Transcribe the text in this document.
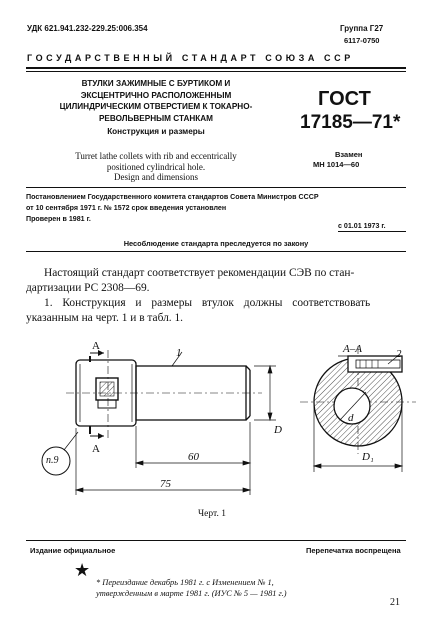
УДК 621.941.232-229.25:006.354	Группа Г27
6117-0750
ГОСУДАРСТВЕННЫЙ СТАНДАРТ СОЮЗА ССР
ВТУЛКИ ЗАЖИМНЫЕ С БУРТИКОМ И
ЭКСЦЕНТРИЧНО РАСПОЛОЖЕННЫМ
ЦИЛИНДРИЧЕСКИМ ОТВЕРСТИЕМ К ТОКАРНО-
РЕВОЛЬВЕРНЫМ СТАНКАМ
Конструкция и размеры
Turret lathe collets with rib and eccentrically
positioned cylindrical hole.
Design and dimensions
ГОСТ
17185—71*
Взамен
МН 1014—60
Постановлением Государственного комитета стандартов Совета Министров СССР
от 10 сентября 1971 г. № 1572 срок введения установлен
Проверен в 1981 г.
с 01.01 1973 г.
Несоблюдение стандарта преследуется по закону
Настоящий стандарт соответствует рекомендации СЭВ по стан-
дартизации РС 2308—69.
1. Конструкция и размеры втулок должны соответствовать
указанным на черт. 1 и в табл. 1.
А
А
1	2
А–А
60
75
D
d
D₁
п.9
Черт. 1
Издание официальное	Перепечатка воспрещена
★
* Переиздание декабрь 1981 г. с Изменением № 1,
утвержденным в марте 1981 г. (ИУС № 5 — 1981 г.)
21
